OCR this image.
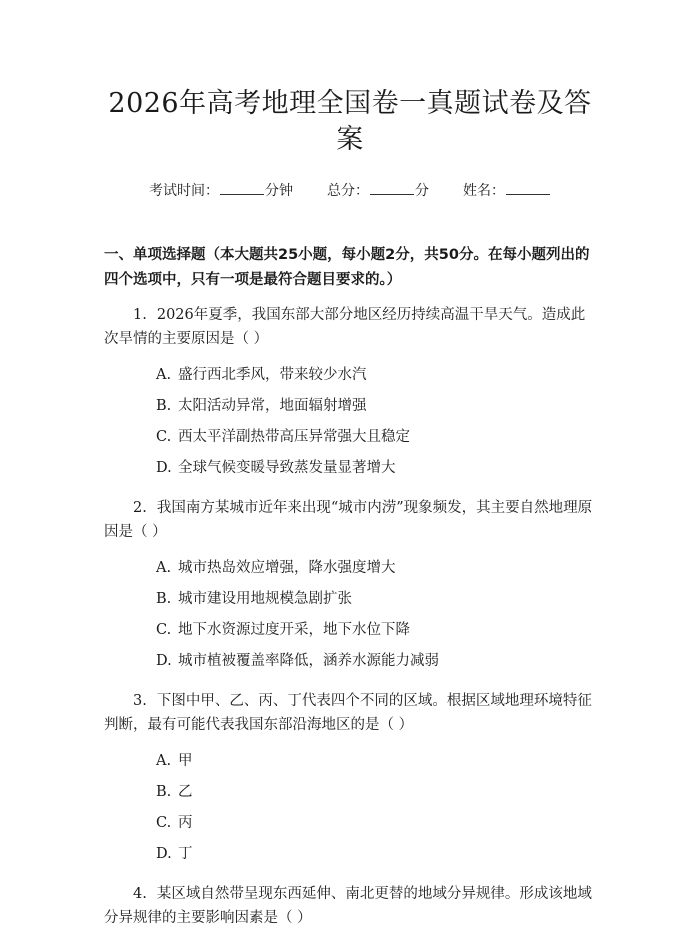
2026年高考地理全国卷一真题试卷及答案
考试时间：	分钟 总分：	分 姓名：
一、单项选择题（本大题共25小题，每小题2分，共50分。在每小题列出的四个选项中，只有一项是最符合题目要求的。）

1. 2026年夏季，我国东部大部分地区经历持续高温干旱天气。造成此次旱情的主要原因是（ ）

A. 盛行西北季风，带来较少水汽
B. 太阳活动异常，地面辐射增强
C. 西太平洋副热带高压异常强大且稳定
D. 全球气候变暖导致蒸发量显著增大

2. 我国南方某城市近年来出现“城市内涝”现象频发，其主要自然地理原因是（ ）

A. 城市热岛效应增强，降水强度增大
B. 城市建设用地规模急剧扩张
C. 地下水资源过度开采，地下水位下降
D. 城市植被覆盖率降低，涵养水源能力减弱

3. 下图中甲、乙、丙、丁代表四个不同的区域。根据区域地理环境特征判断，最有可能代表我国东部沿海地区的是（ ）

A. 甲
B. 乙
C. 丙
D. 丁

4. 某区域自然带呈现东西延伸、南北更替的地域分异规律。形成该地域分异规律的主要影响因素是（ ）
